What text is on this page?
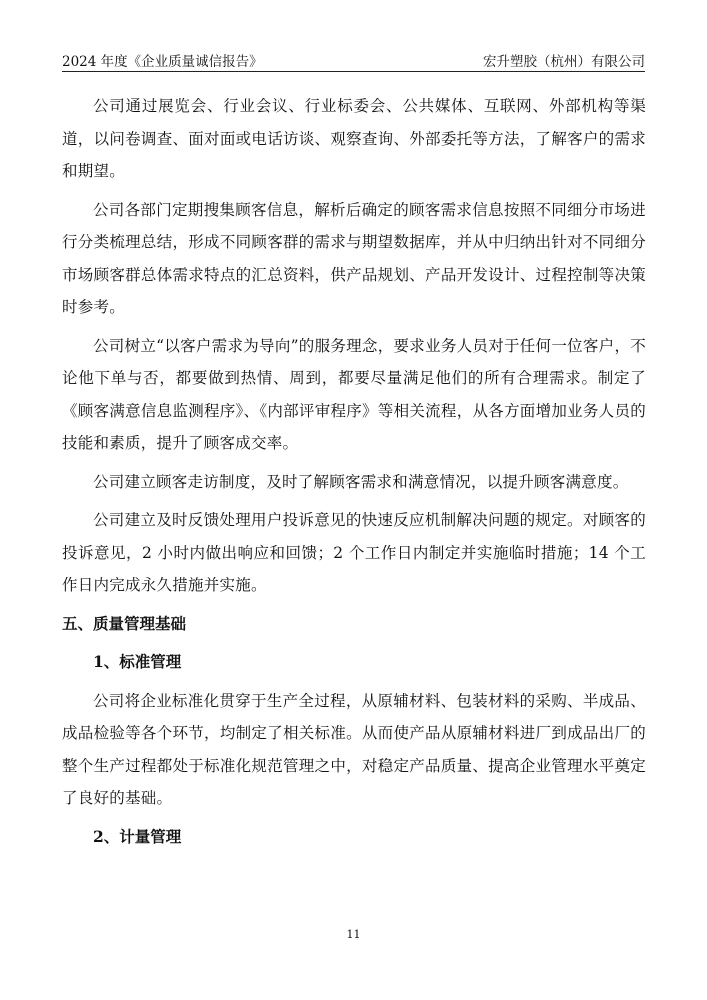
2024 年度《企业质量诚信报告》	宏升塑胶（杭州）有限公司

公司通过展览会、行业会议、行业标委会、公共媒体、互联网、外部机构等渠道，以问卷调查、面对面或电话访谈、观察查询、外部委托等方法，了解客户的需求和期望。

公司各部门定期搜集顾客信息，解析后确定的顾客需求信息按照不同细分市场进行分类梳理总结，形成不同顾客群的需求与期望数据库，并从中归纳出针对不同细分市场顾客群总体需求特点的汇总资料，供产品规划、产品开发设计、过程控制等决策时参考。

公司树立“以客户需求为导向”的服务理念，要求业务人员对于任何一位客户，不论他下单与否，都要做到热情、周到，都要尽量满足他们的所有合理需求。制定了《顾客满意信息监测程序》、《内部评审程序》等相关流程，从各方面增加业务人员的技能和素质，提升了顾客成交率。

公司建立顾客走访制度，及时了解顾客需求和满意情况，以提升顾客满意度。

公司建立及时反馈处理用户投诉意见的快速反应机制解决问题的规定。对顾客的投诉意见，2 小时内做出响应和回馈；2 个工作日内制定并实施临时措施；14 个工作日内完成永久措施并实施。

五、质量管理基础

1、标准管理

公司将企业标准化贯穿于生产全过程，从原辅材料、包装材料的采购、半成品、成品检验等各个环节，均制定了相关标准。从而使产品从原辅材料进厂到成品出厂的整个生产过程都处于标准化规范管理之中，对稳定产品质量、提高企业管理水平奠定了良好的基础。

2、计量管理

11
